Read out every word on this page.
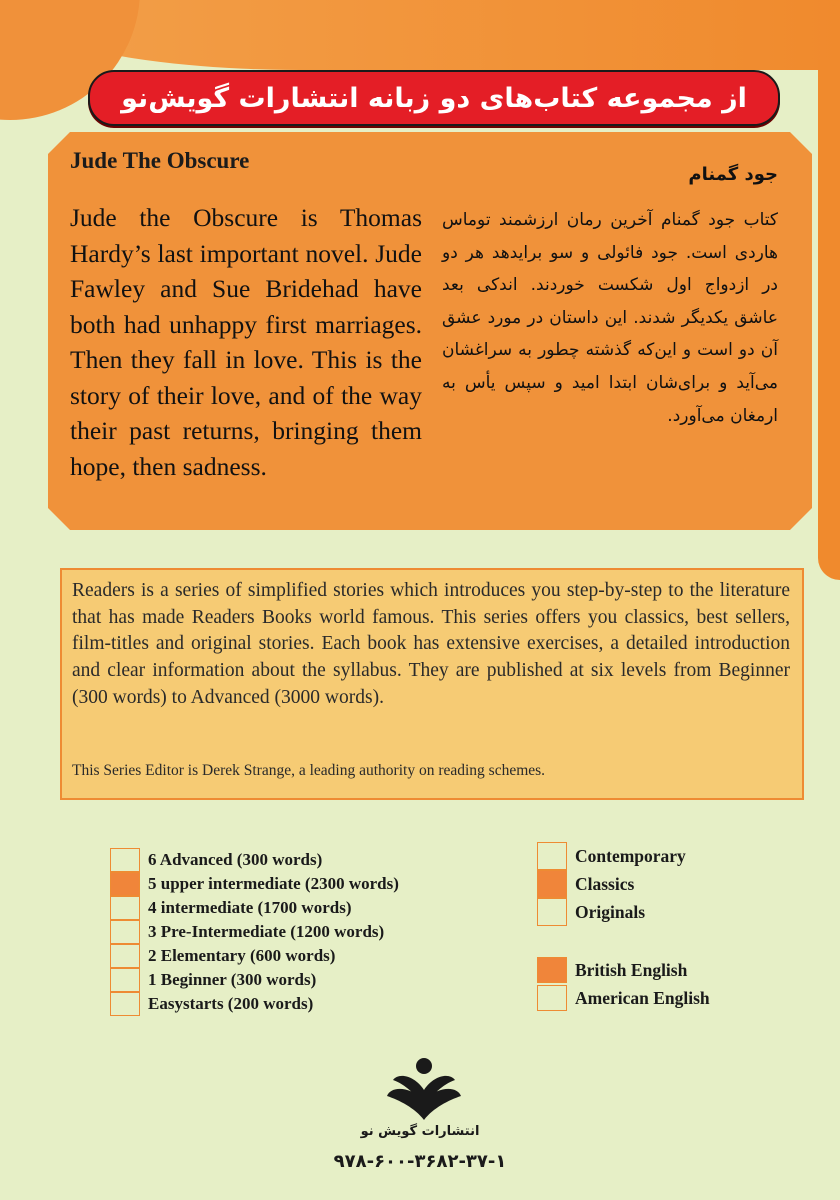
از مجموعه کتاب‌های دو زبانه انتشارات گویش‌نو
Jude The Obscure
Jude the Obscure is Thomas Hardy’s last important novel. Jude Fawley and Sue Bridehad have both had unhappy first marriages. Then they fall in love. This is the story of their love, and of the way their past returns, bringing them hope, then sadness.
جود گمنام
کتاب جود گمنام آخرین رمان ارزشمند توماس هاردی است. جود فائولی و سو برایدهد هر دو در ازدواج اول شکست خوردند. اندکی بعد عاشق یکدیگر شدند. این داستان در مورد عشق آن دو است و این‌که گذشته چطور به سراغشان می‌آید و برای‌شان ابتدا امید و سپس یأس به ارمغان می‌آورد.
Readers is a series of simplified stories which introduces you step-by-step to the literature that has made Readers Books world famous. This series offers you classics, best sellers, film-titles and original stories. Each book has extensive exercises, a detailed introduction and clear information about the syllabus. They are published at six levels from Beginner (300 words) to Advanced (3000 words).
This Series Editor is Derek Strange, a leading authority on reading schemes.
6 Advanced (300 words)
5 upper intermediate (2300 words)
4 intermediate (1700 words)
3 Pre-Intermediate (1200 words)
2 Elementary (600 words)
1 Beginner (300 words)
Easystarts (200 words)
Contemporary
Classics
Originals
British English
American English
انتشارات گویش نو
۹۷۸-۶۰۰-۳۶۸۲-۳۷-۱
